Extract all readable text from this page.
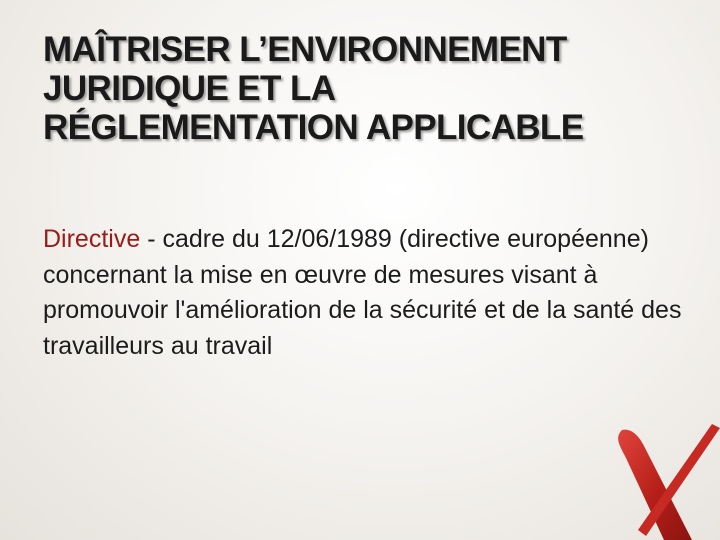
MAÎTRISER L’ENVIRONNEMENT
JURIDIQUE ET LA
RÉGLEMENTATION APPLICABLE

Directive - cadre du 12/06/1989 (directive européenne) concernant la mise en œuvre de mesures visant à promouvoir l'amélioration de la sécurité et de la santé des travailleurs au travail
